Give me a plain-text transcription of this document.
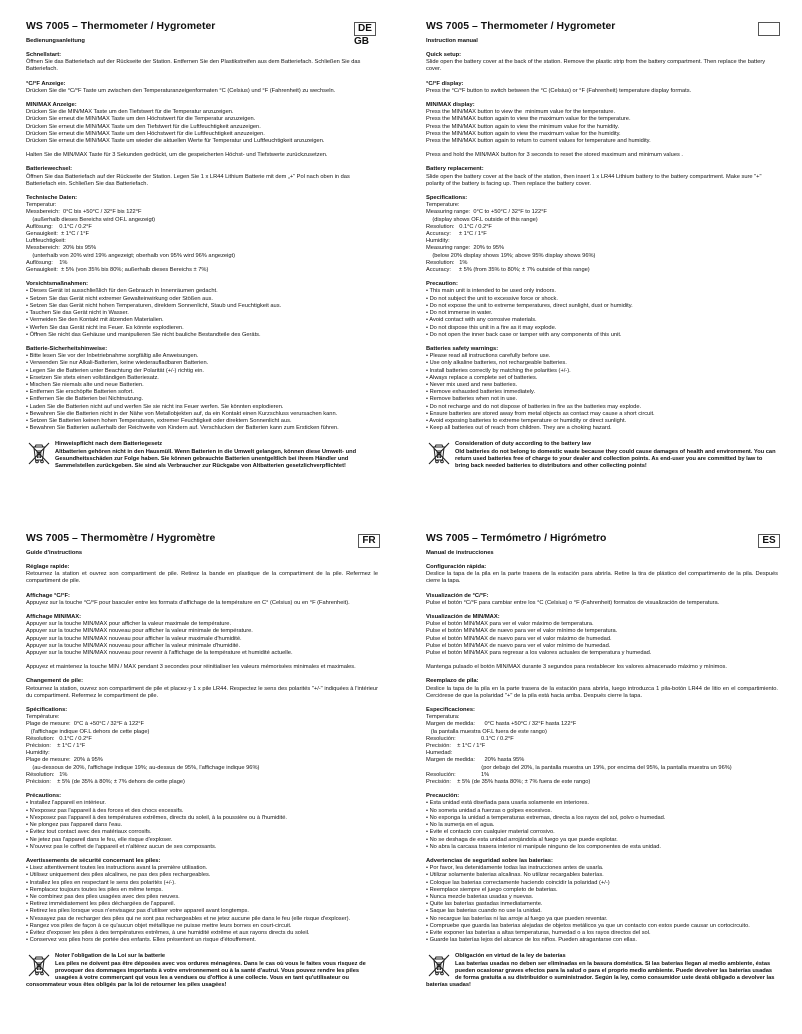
WS 7005 – Thermometer / Hygrometer	DEGB
Bedienungsanleitung
Schnellstart:
Öffnen Sie das Batteriefach auf der Rückseite der Station. Entfernen Sie den Plastikstreifen aus dem Batteriefach. Schließen Sie das Batteriefach.
°C/°F Anzeige:
Drücken Sie die °C/°F Taste um zwischen den Temperaturanzeigenformaten °C (Celsius) und °F (Fahrenheit) zu wechseln.
MIN/MAX Anzeige:
Drücken Sie die MIN/MAX Taste um den Tiefstwert für die Temperatur anzuzeigen.
Drücken Sie erneut die MIN/MAX Taste um den Höchstwert für die Temperatur anzuzeigen.
Drücken Sie erneut die MIN/MAX Taste um den Tiefstwert für die Luftfeuchtigkeit anzuzeigen.
Drücken Sie erneut die MIN/MAX Taste um den Höchstwert für die Luftfeuchtigkeit anzuzeigen.
Drücken Sie erneut die MIN/MAX Taste um wieder die aktuellen Werte für Temperatur und Luftfeuchtigkeit anzuzeigen.
Halten Sie die MIN/MAX Taste für 3 Sekunden gedrückt, um die gespeicherten Höchst- und Tiefstwerte zurückzusetzen.
Batteriewechsel:
Öffnen Sie das Batteriefach auf der Rückseite der Station. Legen Sie 1 x LR44 Lithium Batterie mit dem „+“ Pol nach oben in das Batteriefach ein. Schließen Sie das Batteriefach.
Technische Daten:
Temperatur:
Messbereich:  0°C bis +50°C / 32°F bis 122°F
(außerhalb dieses Bereichs wird OF.L angezeigt)
Auflösung:    0.1°C / 0.2°F
Genauigkeit:  ± 1°C / 1°F
Luftfeuchtigkeit:
Messbereich:  20% bis 95%
(unterhalb von 20% wird 19% angezeigt; oberhalb von 95% wird 96% angezeigt)
Auflösung:    1%
Genauigkeit:  ± 5% (von 35% bis 80%; außerhalb dieses Bereichs ± 7%)
Vorsichtsmaßnahmen:
• Dieses Gerät ist ausschließlich für den Gebrauch in Innenräumen gedacht.
• Setzen Sie das Gerät nicht extremer Gewalteinwirkung oder Stößen aus.
• Setzen Sie das Gerät nicht hohen Temperaturen, direktem Sonnenlicht, Staub und Feuchtigkeit aus.
• Tauchen Sie das Gerät nicht in Wasser.
• Vermeiden Sie den Kontakt mit ätzenden Materialien.
• Werfen Sie das Gerät nicht ins Feuer. Es könnte explodieren.
• Öffnen Sie nicht das Gehäuse und manipulieren Sie nicht bauliche Bestandteile des Geräts.
Batterie-Sicherheitshinweise:
• Bitte lesen Sie vor der Inbetriebnahme sorgfältig alle Anweisungen.
• Verwenden Sie nur Alkali-Batterien, keine wiederaufladbaren Batterien.
• Legen Sie die Batterien unter Beachtung der Polarität (+/-) richtig ein.
• Ersetzen Sie stets einen vollständigen Batteriesatz.
• Mischen Sie niemals alte und neue Batterien.
• Entfernen Sie erschöpfte Batterien sofort.
• Entfernen Sie die Batterien bei Nichtnutzung.
• Laden Sie die Batterien nicht auf und werfen Sie sie nicht ins Feuer werfen. Sie könnten explodieren.
• Bewahren Sie die Batterien nicht in der Nähe von Metallobjekten auf, da ein Kontakt einen Kurzschluss verursachen kann.
• Setzen Sie Batterien keinen hohen Temperaturen, extremer Feuchtigkeit oder direktem Sonnenlicht aus.
• Bewahren Sie Batterien außerhalb der Reichweite von Kindern auf. Verschlucken der Batterien kann zum Ersticken führen.
Hinweispflicht nach dem Batteriegesetz
Altbatterien gehören nicht in den Hausmüll. Wenn Batterien in die Umwelt gelangen, können diese Umwelt- und Gesundheitsschäden zur Folge haben. Sie können gebrauchte Batterien unentgeltlich bei ihrem Händler und Sammelstellen zurückgeben. Sie sind als Verbraucher zur Rückgabe von Altbatterien gesetzlichverpflichtet!
WS 7005 – Thermometer / Hygrometer
Instruction manual
Quick setup:
Slide open the battery cover at the back of the station. Remove the plastic strip from the battery compartment. Then replace the battery cover.
°C/°F display:
Press the °C/°F button to switch between the °C (Celsius) or °F (Fahrenheit) temperature display formats.
MIN/MAX display:
Press the MIN/MAX button to view the  minimum value for the temperature.
Press the MIN/MAX button again to view the maximum value for the temperature.
Press the MIN/MAX button again to view the minimum value for the humidity.
Press the MIN/MAX button again to view the maximum value for the humidity.
Press the MIN/MAX button again to return to current values for temperature and humidity.
Press and hold the MIN/MAX button for 3 seconds to reset the stored maximum and minimum values .
Battery replacement:
Slide open the battery cover at the back of the station, then insert 1 x LR44 Lithium battery to the battery compartment. Make sure "+" polarity of the battery is facing up. Then replace the battery cover.
Specifications:
Temperature:
Measuring range:  0°C to +50°C / 32°F to 122°F
(display shows OF.L outside of this range)
Resolution:   0.1°C / 0.2°F
Accuracy:     ± 1°C / 1°F
Humidity:
Measuring range:  20% to 95%
(below 20% display shows 19%; above 95% display shows 96%)
Resolution:   1%
Accuracy:     ± 5% (from 35% to 80%; ± 7% outside of this range)
Precaution:
• This main unit is intended to be used only indoors.
• Do not subject the unit to excessive force or shock.
• Do not expose the unit to extreme temperatures, direct sunlight, dust or humidity.
• Do not immerse in water.
• Avoid contact with any corrosive materials.
• Do not dispose this unit in a fire as it may explode.
• Do not open the inner back case or tamper with any components of this unit.
Batteries safety warnings:
• Please read all instructions carefully before use.
• Use only alkaline batteries, not rechargeable batteries.
• Install batteries correctly by matching the polarities (+/-).
• Always replace a complete set of batteries.
• Never mix used and new batteries.
• Remove exhausted batteries immediately.
• Remove batteries when not in use.
• Do not recharge and do not dispose of batteries in fire as the batteries may explode.
• Ensure batteries are stored away from metal objects as contact may cause a short circuit.
• Avoid exposing batteries to extreme temperature or humidity or direct sunlight.
• Keep all batteries out of reach from children. They are a choking hazard.
Consideration of duty according to the battery law
Old batteries do not belong to domestic waste because they could cause damages of health and environment. You can return used batteries free of charge to your dealer and collection points. As end-user you are committed by law to bring back needed batteries to distributors and other collecting points!
WS 7005 – Thermomètre / Hygromètre	FR
Guide d'instructions
Réglage rapide:
Retournez la station et ouvrez son compartiment de pile. Retirez la bande en plastique de la compartiment de la pile. Refermez le compartiment de pile.
Affichage °C/°F:
Appuyez sur la touche °C/°F pour basculer entre les formats d'affichage de la température en C° (Celsius) ou en °F (Fahrenheit).
Affichage MIN/MAX:
Appuyer sur la touche MIN/MAX pour afficher la valeur maximale de température.
Appuyer sur la touche MIN/MAX nouveau pour afficher la valeur minimale de température.
Appuyer sur la touche MIN/MAX nouveau pour afficher la valeur maximale d'humidité.
Appuyer sur la touche MIN/MAX nouveau pour afficher la valeur minimale d'humidité.
Appuyer sur la touche MIN/MAX nouveau pour revenir à l'affichage de la température et humidité actuelle.
Appuyez et maintenez la touche MIN / MAX pendant 3 secondes pour réinitialiser les valeurs mémorisées minimales et maximales.
Changement de pile:
Retournez la station, ouvrez son compartiment de pile et placez-y 1 x pile LR44. Respectez le sens des polarités "+/-" indiquées à l'intérieur du compartiment. Refermez le compartiment de pile.
Spécifications:
Température:
Plage de mesure:  0°C à +50°C / 32°F à 122°F
(l'affichage indique OF.L dehors de cette plage)
Résolution:   0.1°C / 0.2°F
Précision:    ± 1°C / 1°F
Humidity:
Plage de mesure:  20% à 95%
(au-dessous de 20%, l'affichage indique 19%; au-dessus de 95%, l'affichage indique 96%)
Résolution:   1%
Précision:    ± 5% (de 35% à 80%; ± 7% dehors de cette plage)
Précautions:
• Installez l'appareil en intérieur.
• N'exposez pas l'appareil à des forces et des chocs excessifs.
• N'exposez pas l'appareil à des températures extrêmes, directs du soleil, à la poussière ou à l'humidité.
• Ne plongez pas l'appareil dans l'eau.
• Évitez tout contact avec des matériaux corrosifs.
• Ne jetez pas l'appareil dans le feu, elle risque d'exploser.
• N'ouvrez pas le coffret de l'appareil et n'altérez aucun de ses composants.
Avertissements de sécurité concernant les piles:
• Lisez attentivement toutes les instructions avant la première utilisation.
• Utilisez uniquement des piles alcalines, ne pas des piles rechargeables.
• Installez les piles en respectant le sens des polarités (+/-).
• Remplacez toujours toutes les piles en même temps.
• Ne combinez pas des piles usagées avec des piles neuves.
• Retirez immédiatement les piles déchargées de l'appareil.
• Retirez les piles lorsque vous n'envisagez pas d'utiliser votre appareil avant longtemps.
• N'essayez pas de recharger des piles qui ne sont pas rechargeables et ne jetez aucune pile dans le feu (elle risque d'exploser).
• Rangez vos piles de façon à ce qu'aucun objet métallique ne puisse mettre leurs bornes en court-circuit.
• Évitez d'exposer les piles à des températures extrêmes, à une humidité extrême et aux rayons directs du soleil.
• Conservez vos piles hors de portée des enfants. Elles présentent un risque d'étouffement.
Noter l'obligation de la Loi sur la batterie
Les piles ne doivent pas être déposées avec vos ordures ménagères. Dans le cas où vous le faites vous risquez de provoquer des dommages importants à votre environnement ou à la santé d'autrui. Vous pouvez rendre les piles usagées à votre commerçant qui vous les a vendues ou d'office à une collecte. Vous en tant qu'utilisateur ou consommateur vous êtes obligés par la loi de retourner les piles usagées!
WS 7005 – Termómetro / Higrómetro	ES
Manual de instrucciones
Configuración rápida:
Deslice la tapa de la pila en la parte trasera de la estación para abrirla. Retire la tira de plástico del compartimento de la pila. Después cierre la tapa.
Visualización de °C/°F:
Pulse el botón °C/°F para cambiar entre los °C (Celsius) o °F (Fahrenheit) formatos de visualización de temperatura.
Visualización de MIN/MAX:
Pulse el botón MIN/MAX para ver el valor máximo de temperatura.
Pulse el botón MIN/MAX de nuevo para ver el valor mínimo de temperatura.
Pulse el botón MIN/MAX de nuevo para ver el valor máximo de humedad.
Pulse el botón MIN/MAX de nuevo para ver el valor mínimo de humedad.
Pulse el botón MIN/MAX para regresar a los valores actuales de temperatura y humedad.
Mantenga pulsado el botón MIN/MAX durante 3 segundos para restablecer los valores almacenado máximo y mínimos.
Reemplazo de pila:
Deslice la tapa de la pila en la parte trasera de la estación para abrirla, luego introduzca 1 pila-botón LR44 de litio en el compartimiento. Cerciórese de que la polaridad "+" de la pila está hacia arriba. Después cierre la tapa.
Especificaciones:
Temperatura:
Margen de medida:      0°C hasta +50°C / 32°F hasta 122°F
(la pantalla muestra OF.L fuera de este rango)
Resolución:                0.1°C / 0.2°F
Precisión:    ± 1°C / 1°F
Humedad:
Margen de medida:      20% hasta 95%
(por debajo del 20%, la pantalla muestra un 19%, por encima del 95%, la pantalla muestra un 96%)
Resolución:                1%
Precisión:    ± 5% (de 35% hasta 80%; ± 7% fuera de este rango)
Precaución:
• Esta unidad está diseñada para usarla solamente en interiores.
• No someta unidad a fuerzas o golpes excesivos.
• No exponga la unidad a temperaturas extremas, directa a los rayos del sol, polvo o humedad.
• No la sumerja en el agua.
• Evite el contacto con cualquier material corrosivo.
• No se deshaga de esta unidad arrojándola al fuego ya que puede explotar.
• No abra la carcasa trasera interior ni manipule ninguno de los componentes de esta unidad.
Advertencias de seguridad sobre las baterias:
• Por favor, lea detenidamente todas las instrucciones antes de usarla.
• Utilizar solamente baterias alcalinas. No utilizar recargables baterías.
• Coloque las baterias correctamente haciendo coincidir la polaridad (+/-)
• Reemplace siempre el juego completo de baterias.
• Nunca mezcle baterias usadas y nuevas.
• Quite las baterías gastadas inmediatamente.
• Saque las baterias cuando no use la unidad.
• No recargue las baterías ni las arroje al fuego ya que pueden reventar.
• Compruebe que guarda las baterias alejadas de objetos metálicos ya que un contacto con estos puede causar un cortocircuito.
• Evite exponer las baterías a altas temperaturas, humedad o a los rayos directos del sol.
• Guarde las baterías lejos del alcance de los niños. Pueden atragantarse con ellas.
Obligación en virtud de la ley de baterías
Las baterías usadas no deben ser eliminadas en la basura doméstica. Si las baterías llegan al medio ambiente, éstas pueden ocasionar graves efectos para la salud o para el proprio medio ambiente. Puede devolver las baterías usadas de forma gratuita a su distribuidor o suministrador. Según la ley, como consumidor uste destá obligado a devolver las baterías usadas!
